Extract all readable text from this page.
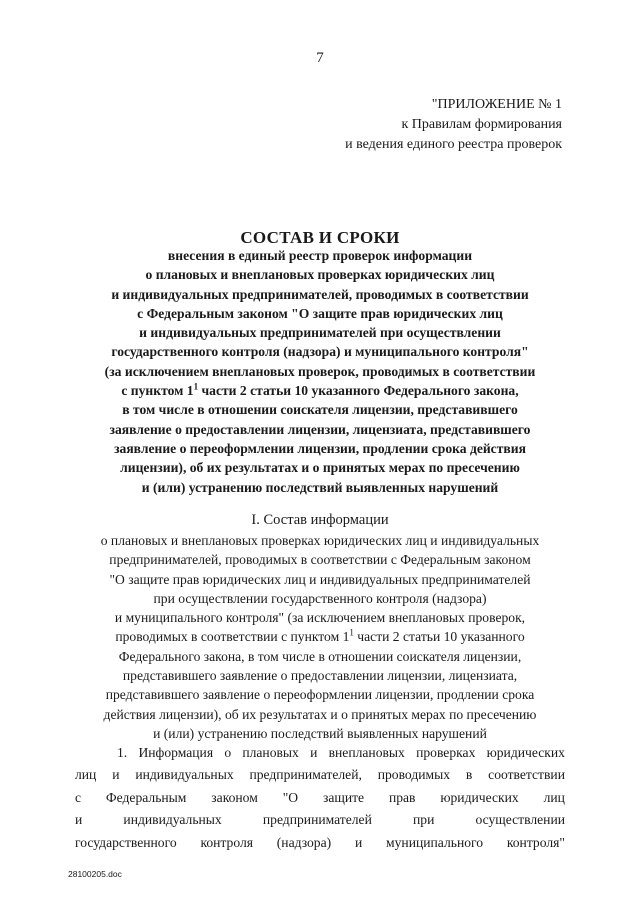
7
"ПРИЛОЖЕНИЕ № 1
к Правилам формирования
и ведения единого реестра проверок
СОСТАВ И СРОКИ
внесения в единый реестр проверок информации
о плановых и внеплановых проверках юридических лиц
и индивидуальных предпринимателей, проводимых в соответствии
с Федеральным законом "О защите прав юридических лиц
и индивидуальных предпринимателей при осуществлении
государственного контроля (надзора) и муниципального контроля"
(за исключением внеплановых проверок, проводимых в соответствии
с пунктом $1^1$ части 2 статьи 10 указанного Федерального закона,
в том числе в отношении соискателя лицензии, представившего
заявление о предоставлении лицензии, лицензиата, представившего
заявление о переоформлении лицензии, продлении срока действия
лицензии), об их результатах и о принятых мерах по пресечению
и (или) устранению последствий выявленных нарушений
I. Состав информации
о плановых и внеплановых проверках юридических лиц и индивидуальных
предпринимателей, проводимых в соответствии с Федеральным законом
"О защите прав юридических лиц и индивидуальных предпринимателей
при осуществлении государственного контроля (надзора)
и муниципального контроля" (за исключением внеплановых проверок,
проводимых в соответствии с пунктом $1^1$ части 2 статьи 10 указанного
Федерального закона, в том числе в отношении соискателя лицензии,
представившего заявление о предоставлении лицензии, лицензиата,
представившего заявление о переоформлении лицензии, продлении срока
действия лицензии), об их результатах и о принятых мерах по пресечению
и (или) устранению последствий выявленных нарушений
1. Информация о плановых и внеплановых проверках юридических
лиц и индивидуальных предпринимателей, проводимых в соответствии
с Федеральным законом "О защите прав юридических лиц
и	индивидуальных	предпринимателей	при	осуществлении
государственного контроля (надзора) и муниципального контроля"
28100205.doc
